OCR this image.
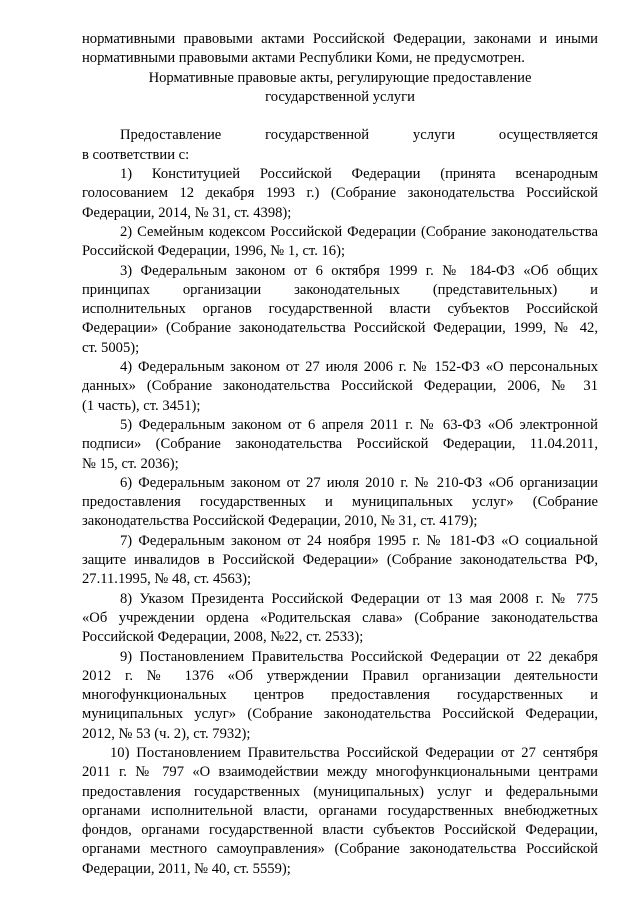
нормативными правовыми актами Российской Федерации, законами и иными
нормативными правовыми актами Республики Коми, не предусмотрен.
Нормативные правовые акты, регулирующие предоставление
государственной услуги
Предоставление государственной услуги осуществляется
в соответствии с:
1) Конституцией Российской Федерации (принята всенародным
голосованием 12 декабря 1993 г.) (Собрание законодательства Российской
Федерации, 2014, № 31, ст. 4398);
2) Семейным кодексом Российской Федерации (Собрание законодательства
Российской Федерации, 1996, № 1, ст. 16);
3) Федеральным законом от 6 октября 1999 г. № 184-ФЗ «Об общих
принципах организации законодательных (представительных) и
исполнительных органов государственной власти субъектов Российской
Федерации» (Собрание законодательства Российской Федерации, 1999, № 42,
ст. 5005);
4) Федеральным законом от 27 июля 2006 г. № 152-ФЗ «О персональных
данных» (Собрание законодательства Российской Федерации, 2006, № 31
(1 часть), ст. 3451);
5) Федеральным законом от 6 апреля 2011 г. № 63-ФЗ «Об электронной
подписи» (Собрание законодательства Российской Федерации, 11.04.2011,
№ 15, ст. 2036);
6) Федеральным законом от 27 июля 2010 г. № 210-ФЗ «Об организации
предоставления государственных и муниципальных услуг» (Собрание
законодательства Российской Федерации, 2010, № 31, ст. 4179);
7) Федеральным законом от 24 ноября 1995 г. № 181-ФЗ «О социальной
защите инвалидов в Российской Федерации» (Собрание законодательства РФ,
27.11.1995, № 48, ст. 4563);
8) Указом Президента Российской Федерации от 13 мая 2008 г. № 775
«Об учреждении ордена «Родительская слава» (Собрание законодательства
Российской Федерации, 2008, №22, ст. 2533);
9) Постановлением Правительства Российской Федерации от 22 декабря
2012 г. № 1376 «Об утверждении Правил организации деятельности
многофункциональных центров предоставления государственных и
муниципальных услуг» (Собрание законодательства Российской Федерации,
2012, № 53 (ч. 2), ст. 7932);
10) Постановлением Правительства Российской Федерации от 27 сентября
2011 г. № 797 «О взаимодействии между многофункциональными центрами
предоставления государственных (муниципальных) услуг и федеральными
органами исполнительной власти, органами государственных внебюджетных
фондов, органами государственной власти субъектов Российской Федерации,
органами местного самоуправления» (Собрание законодательства Российской
Федерации, 2011, № 40, ст. 5559);
